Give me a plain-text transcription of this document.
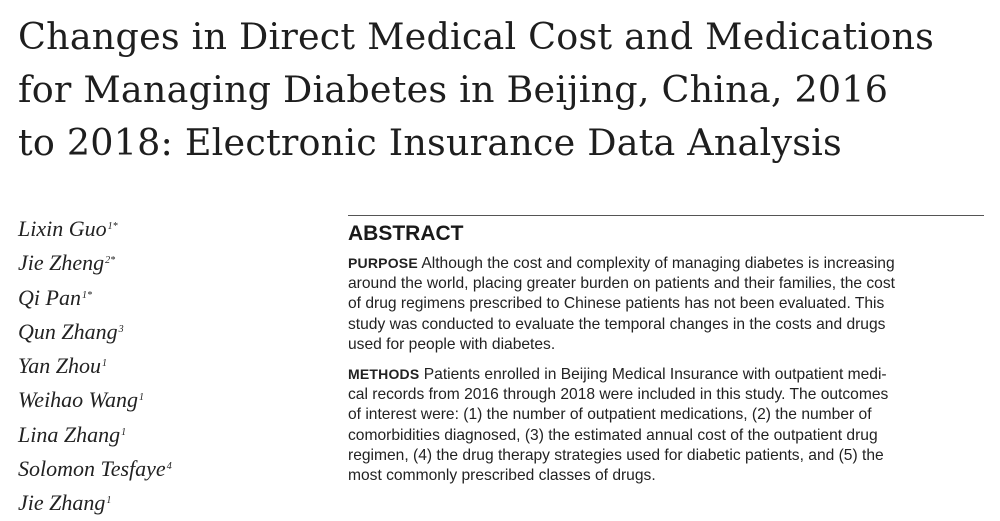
Changes in Direct Medical Cost and Medications
for Managing Diabetes in Beijing, China, 2016
to 2018: Electronic Insurance Data Analysis
Lixin Guo$^{1*}$
Jie Zheng$^{2*}$
Qi Pan$^{1*}$
Qun Zhang$^3$
Yan Zhou$^1$
Weihao Wang$^1$
Lina Zhang$^1$
Solomon Tesfaye$^4$
Jie Zhang$^1$
ABSTRACT

PURPOSE Although the cost and complexity of managing diabetes is increasing
around the world, placing greater burden on patients and their families, the cost
of drug regimens prescribed to Chinese patients has not been evaluated. This
study was conducted to evaluate the temporal changes in the costs and drugs
used for people with diabetes.

METHODS Patients enrolled in Beijing Medical Insurance with outpatient medi-
cal records from 2016 through 2018 were included in this study. The outcomes
of interest were: (1) the number of outpatient medications, (2) the number of
comorbidities diagnosed, (3) the estimated annual cost of the outpatient drug
regimen, (4) the drug therapy strategies used for diabetic patients, and (5) the
most commonly prescribed classes of drugs.
